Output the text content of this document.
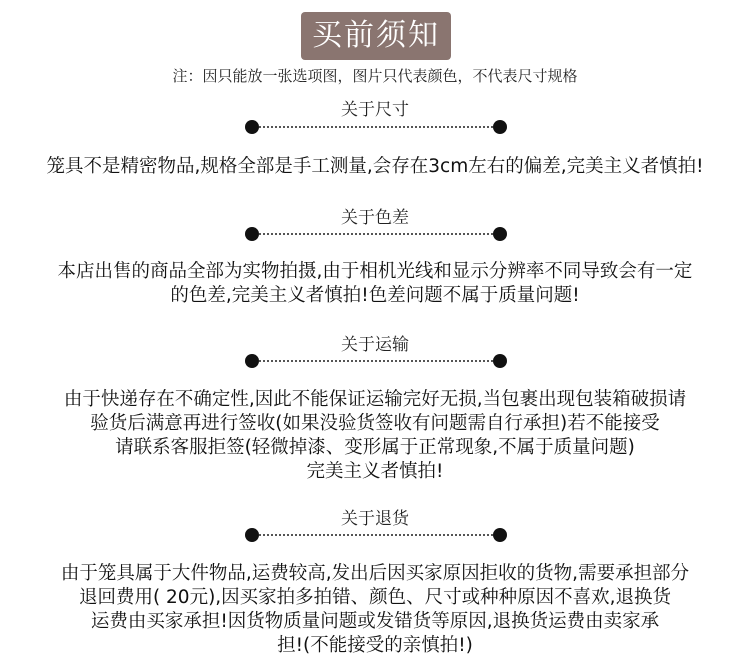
买前须知
注：因只能放一张选项图，图片只代表颜色，不代表尺寸规格
关于尺寸
笼具不是精密物品,规格全部是手工测量,会存在3cm左右的偏差,完美主义者慎拍!
关于色差
本店出售的商品全部为实物拍摄,由于相机光线和显示分辨率不同导致会有一定
的色差,完美主义者慎拍!色差问题不属于质量问题!
关于运输
由于快递存在不确定性,因此不能保证运输完好无损,当包裹出现包装箱破损请
验货后满意再进行签收(如果没验货签收有问题需自行承担)若不能接受
请联系客服拒签(轻微掉漆、变形属于正常现象,不属于质量问题)
完美主义者慎拍!
关于退货
由于笼具属于大件物品,运费较高,发出后因买家原因拒收的货物,需要承担部分
退回费用( 20元),因买家拍多拍错、颜色、尺寸或种种原因不喜欢,退换货
运费由买家承担!因货物质量问题或发错货等原因,退换货运费由卖家承
担!(不能接受的亲慎拍!)
